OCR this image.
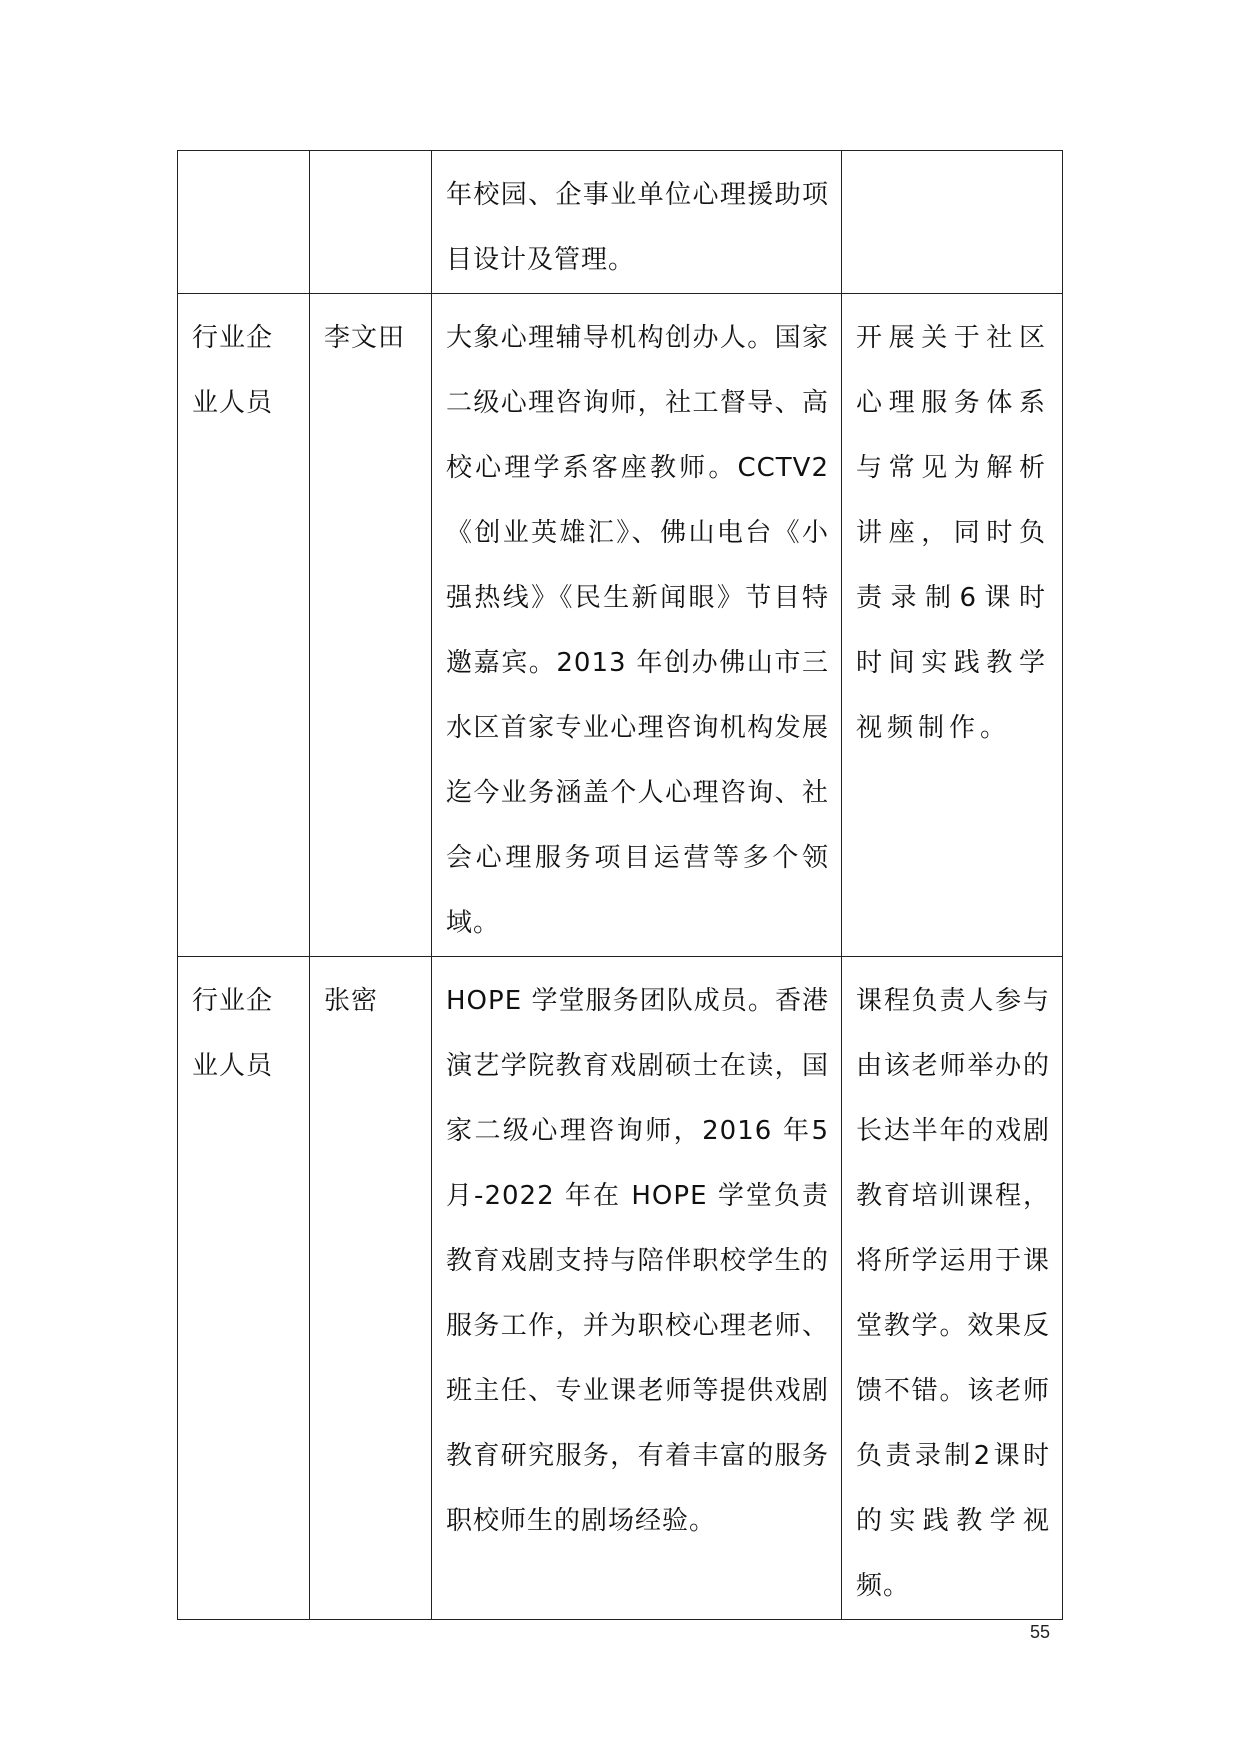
		年校园、企事业单位心理援助项目设计及管理。	
行业企业人员	李文田	大象心理辅导机构创办人。国家二级心理咨询师，社工督导、高校心理学系客座教师。CCTV2《创业英雄汇》、佛山电台《小强热线》《民生新闻眼》节目特邀嘉宾。2013 年创办佛山市三水区首家专业心理咨询机构发展迄今业务涵盖个人心理咨询、社会心理服务项目运营等多个领域。	开展关于社区心理服务体系与常见为解析讲座，同时负责录制6课时时间实践教学视频制作。
行业企业人员	张密	HOPE 学堂服务团队成员。香港演艺学院教育戏剧硕士在读，国家二级心理咨询师，2016 年5 月-2022 年在 HOPE 学堂负责教育戏剧支持与陪伴职校学生的服务工作，并为职校心理老师、班主任、专业课老师等提供戏剧教育研究服务，有着丰富的服务职校师生的剧场经验。	课程负责人参与由该老师举办的长达半年的戏剧教育培训课程，将所学运用于课堂教学。效果反馈不错。该老师负责录制2课时的实践教学视频。
55
